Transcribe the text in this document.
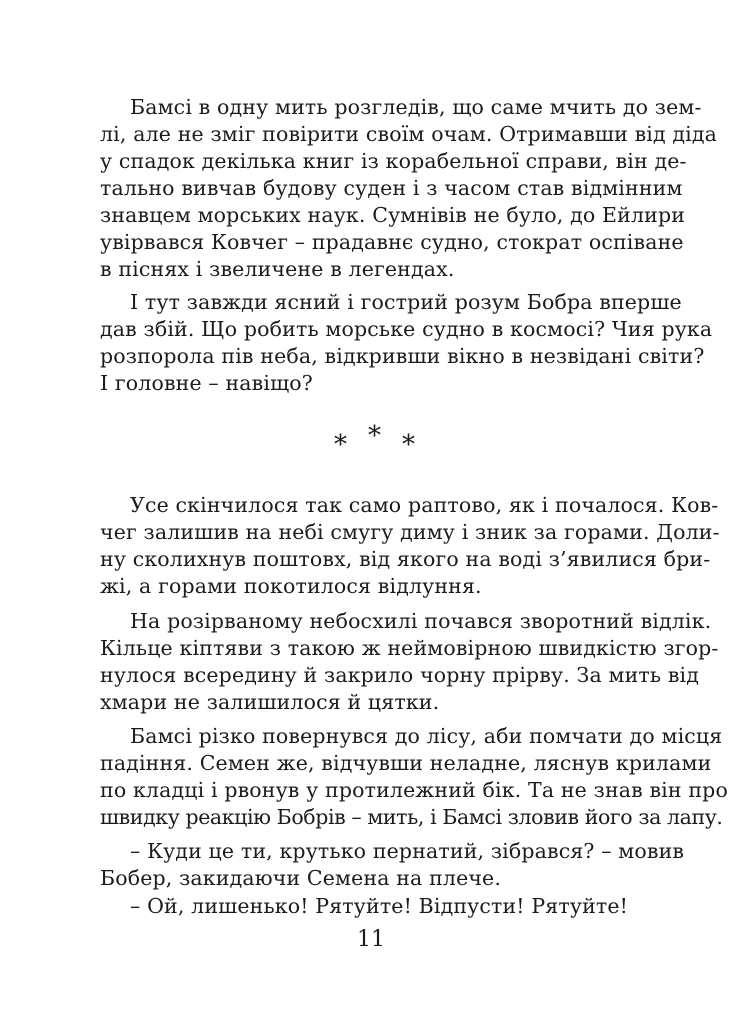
Бамсі в одну мить розгледів, що саме мчить до зем-
лі, але не зміг повірити своїм очам. Отримавши від діда
у спадок декілька книг із корабельної справи, він де-
тально вивчав будову суден і з часом став відмінним
знавцем морських наук. Сумнівів не було, до Ейлири
увірвався Ковчег – прадавнє судно, стократ оспіване
в піснях і звеличене в легендах.
І тут завжди ясний і гострий розум Бобра вперше
дав збій. Що робить морське судно в космосі? Чия рука
розпорола пів неба, відкривши вікно в незвідані світи?
І головне – навіщо?
* * *
Усе скінчилося так само раптово, як і почалося. Ков-
чег залишив на небі смугу диму і зник за горами. Доли-
ну сколихнув поштовх, від якого на воді з’явилися бри-
жі, а горами покотилося відлуння.
На розірваному небосхилі почався зворотний відлік.
Кільце кіптяви з такою ж неймовірною швидкістю згор-
нулося всередину й закрило чорну прірву. За мить від
хмари не залишилося й цятки.
Бамсі різко повернувся до лісу, аби помчати до місця
падіння. Семен же, відчувши неладне, ляснув крилами
по кладці і рвонув у протилежний бік. Та не знав він про
швидку реакцію Бобрів – мить, і Бамсі зловив його за лапу.
– Куди це ти, крутько пернатий, зібрався? – мовив
Бобер, закидаючи Семена на плече.
– Ой, лишенько! Рятуйте! Відпусти! Рятуйте!
11
